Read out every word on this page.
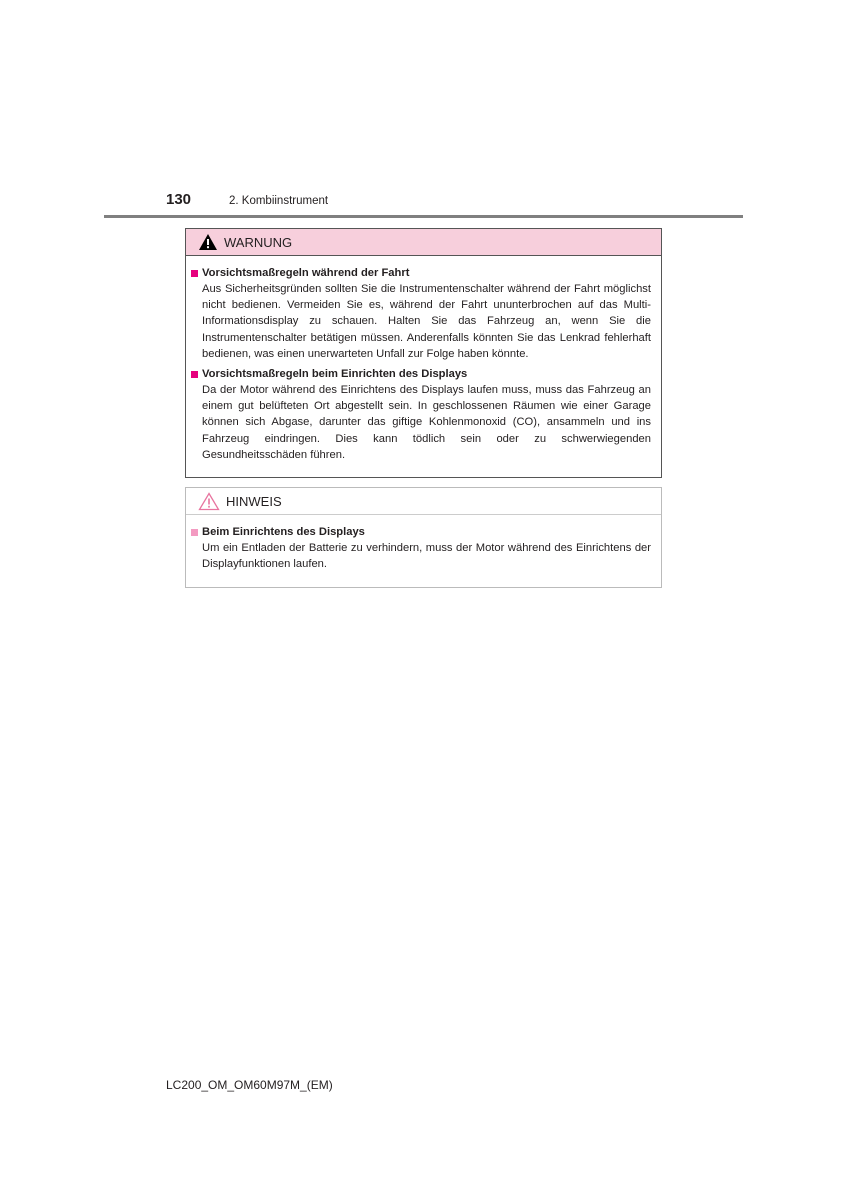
130	2. Kombiinstrument
WARNUNG
Vorsichtsmaßregeln während der Fahrt
Aus Sicherheitsgründen sollten Sie die Instrumentenschalter während der Fahrt möglichst nicht bedienen. Vermeiden Sie es, während der Fahrt ununterbrochen auf das Multi-Informationsdisplay zu schauen. Halten Sie das Fahrzeug an, wenn Sie die Instrumentenschalter betätigen müssen. Anderenfalls könnten Sie das Lenkrad fehlerhaft bedienen, was einen unerwarteten Unfall zur Folge haben könnte.
Vorsichtsmaßregeln beim Einrichten des Displays
Da der Motor während des Einrichtens des Displays laufen muss, muss das Fahrzeug an einem gut belüfteten Ort abgestellt sein. In geschlossenen Räumen wie einer Garage können sich Abgase, darunter das giftige Kohlenmonoxid (CO), ansammeln und ins Fahrzeug eindringen. Dies kann tödlich sein oder zu schwerwiegenden Gesundheitsschäden führen.
HINWEIS
Beim Einrichtens des Displays
Um ein Entladen der Batterie zu verhindern, muss der Motor während des Einrichtens der Displayfunktionen laufen.
LC200_OM_OM60M97M_(EM)
